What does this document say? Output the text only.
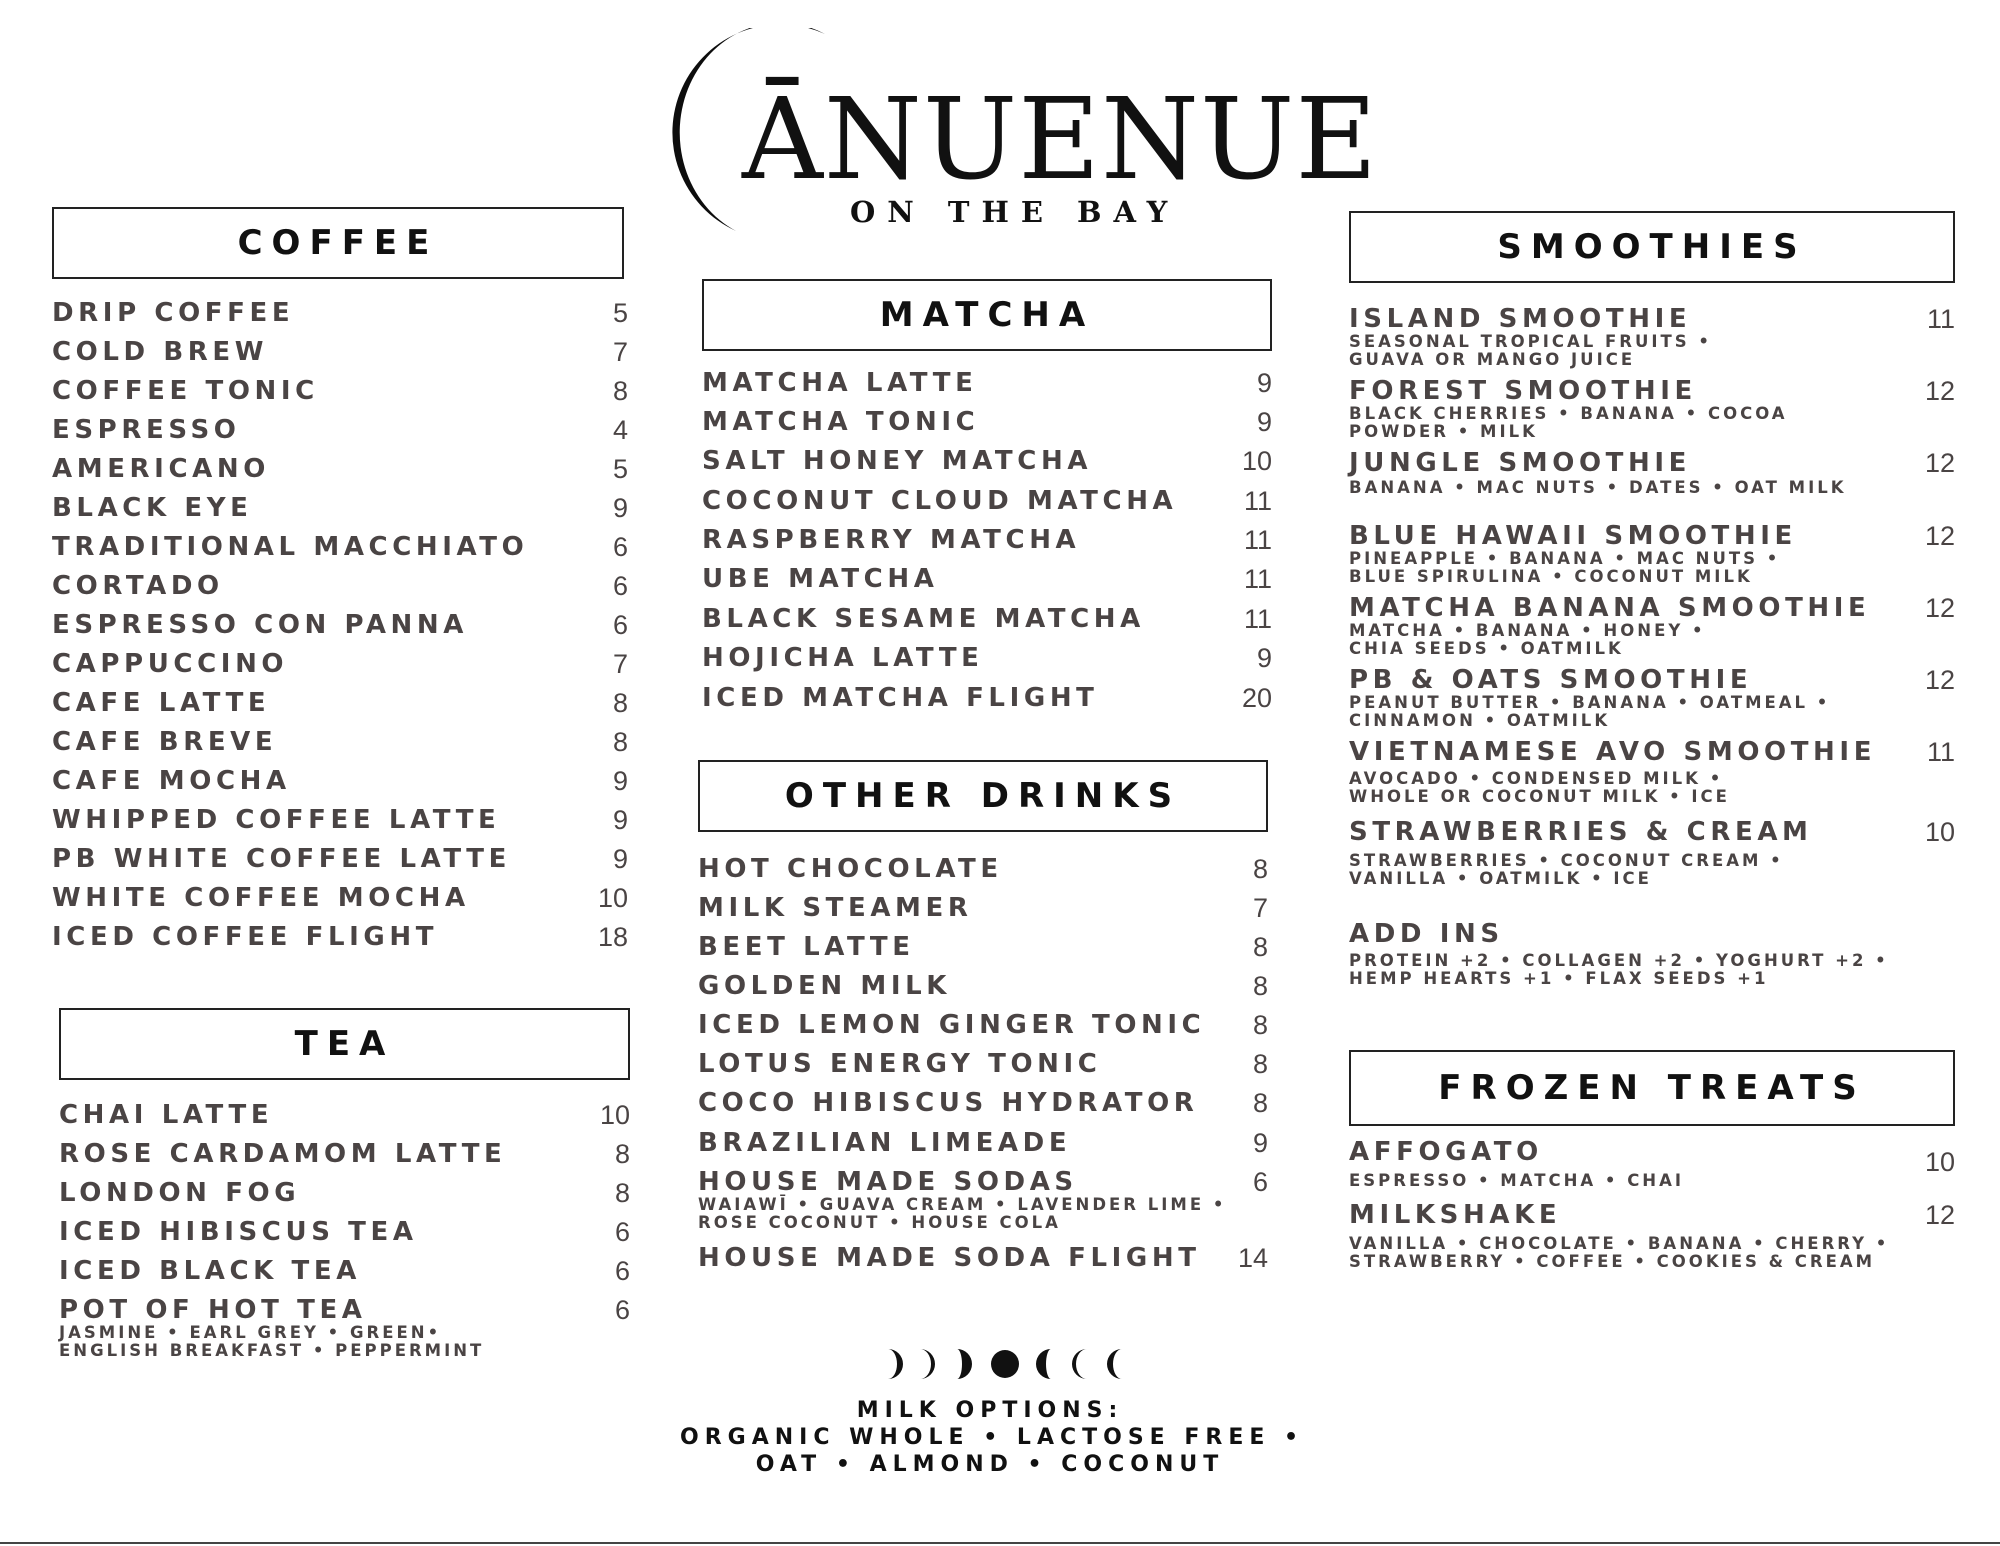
ĀNUENUE
ON THE BAY
COFFEE
DRIP COFFEE	5
COLD BREW	7
COFFEE TONIC	8
ESPRESSO	4
AMERICANO	5
BLACK EYE	9
TRADITIONAL MACCHIATO	6
CORTADO	6
ESPRESSO CON PANNA	6
CAPPUCCINO	7
CAFE LATTE	8
CAFE BREVE	8
CAFE MOCHA	9
WHIPPED COFFEE LATTE	9
PB WHITE COFFEE LATTE	9
WHITE COFFEE MOCHA	10
ICED COFFEE FLIGHT	18
TEA
CHAI LATTE	10
ROSE CARDAMOM LATTE	8
LONDON FOG	8
ICED HIBISCUS TEA	6
ICED BLACK TEA	6
POT OF HOT TEA	6
JASMINE • EARL GREY • GREEN•
ENGLISH BREAKFAST • PEPPERMINT
MATCHA
MATCHA LATTE	9
MATCHA TONIC	9
SALT HONEY MATCHA	10
COCONUT CLOUD MATCHA 11
RASPBERRY MATCHA	11
UBE MATCHA	11
BLACK SESAME MATCHA	11
HOJICHA LATTE	9
ICED MATCHA FLIGHT	20
OTHER DRINKS
HOT CHOCOLATE	8
MILK STEAMER	7
BEET LATTE	8
GOLDEN MILK	8
ICED LEMON GINGER TONIC 8
LOTUS ENERGY TONIC	8
COCO HIBISCUS HYDRATOR 8
BRAZILIAN LIMEADE	9
HOUSE MADE SODAS	6
WAIAWĪ • GUAVA CREAM • LAVENDER LIME •
ROSE COCONUT • HOUSE COLA
HOUSE MADE SODA FLIGHT 14
MILK OPTIONS:
ORGANIC WHOLE • LACTOSE FREE •
OAT • ALMOND • COCONUT
SMOOTHIES
ISLAND SMOOTHIE	11
SEASONAL TROPICAL FRUITS •
GUAVA OR MANGO JUICE
FOREST SMOOTHIE	12
BLACK CHERRIES • BANANA • COCOA
POWDER • MILK
JUNGLE SMOOTHIE	12
BANANA • MAC NUTS • DATES • OAT MILK
BLUE HAWAII SMOOTHIE	12
PINEAPPLE • BANANA • MAC NUTS •
BLUE SPIRULINA • COCONUT MILK
MATCHA BANANA SMOOTHIE 12
MATCHA • BANANA • HONEY •
CHIA SEEDS • OATMILK
PB & OATS SMOOTHIE	12
PEANUT BUTTER • BANANA • OATMEAL •
CINNAMON • OATMILK
VIETNAMESE AVO SMOOTHIE 11
AVOCADO • CONDENSED MILK •
WHOLE OR COCONUT MILK • ICE
STRAWBERRIES & CREAM	10
STRAWBERRIES • COCONUT CREAM •
VANILLA • OATMILK • ICE
ADD INS
PROTEIN +2 • COLLAGEN +2 • YOGHURT +2 •
HEMP HEARTS +1 • FLAX SEEDS +1
FROZEN TREATS
AFFOGATO	10
ESPRESSO • MATCHA • CHAI
MILKSHAKE	12
VANILLA • CHOCOLATE • BANANA • CHERRY •
STRAWBERRY • COFFEE • COOKIES & CREAM
